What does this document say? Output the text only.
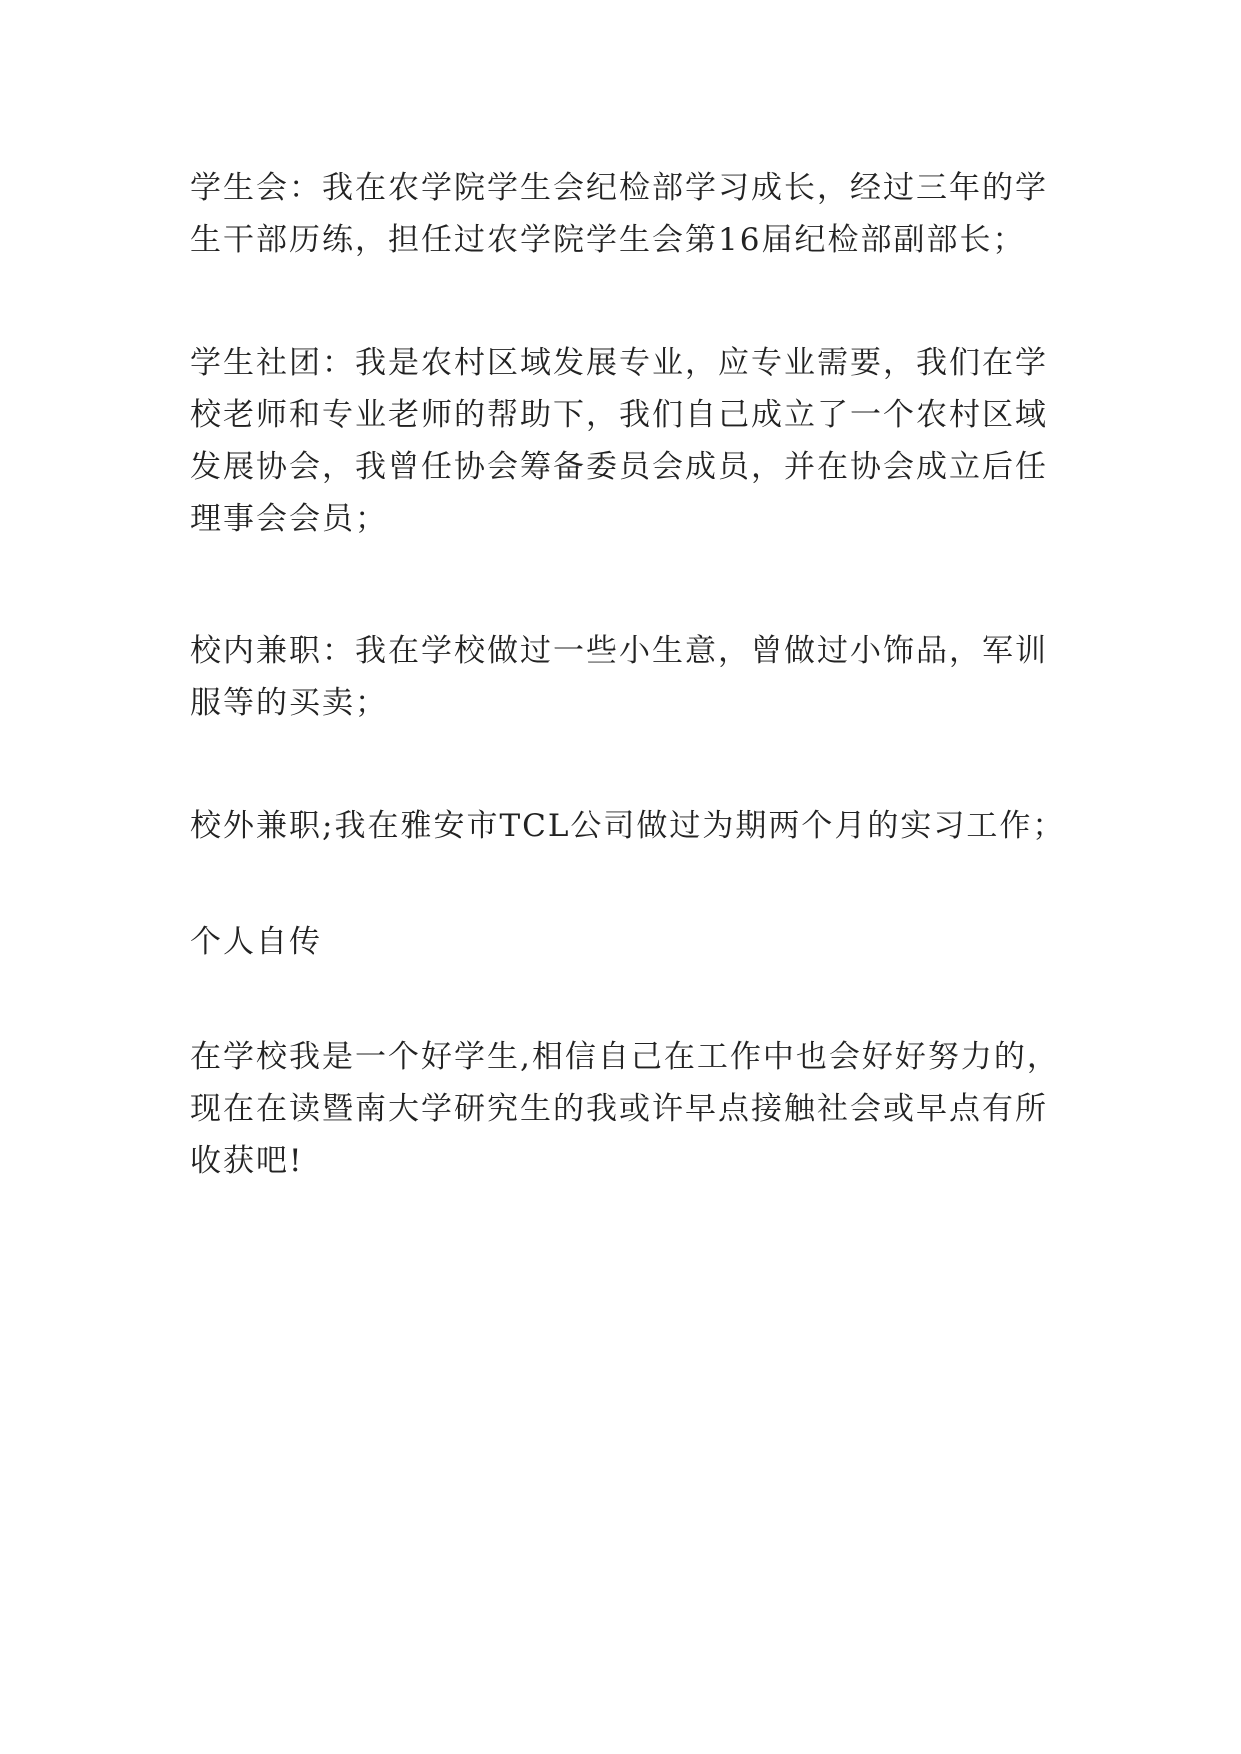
学生会：我在农学院学生会纪检部学习成长，经过三年的学生干部历练，担任过农学院学生会第16届纪检部副部长；

学生社团：我是农村区域发展专业，应专业需要，我们在学校老师和专业老师的帮助下，我们自己成立了一个农村区域发展协会，我曾任协会筹备委员会成员，并在协会成立后任理事会会员；

校内兼职：我在学校做过一些小生意，曾做过小饰品，军训服等的买卖；

校外兼职;我在雅安市TCL公司做过为期两个月的实习工作；

个人自传

在学校我是一个好学生,相信自己在工作中也会好好努力的，现在在读暨南大学研究生的我或许早点接触社会或早点有所收获吧!
